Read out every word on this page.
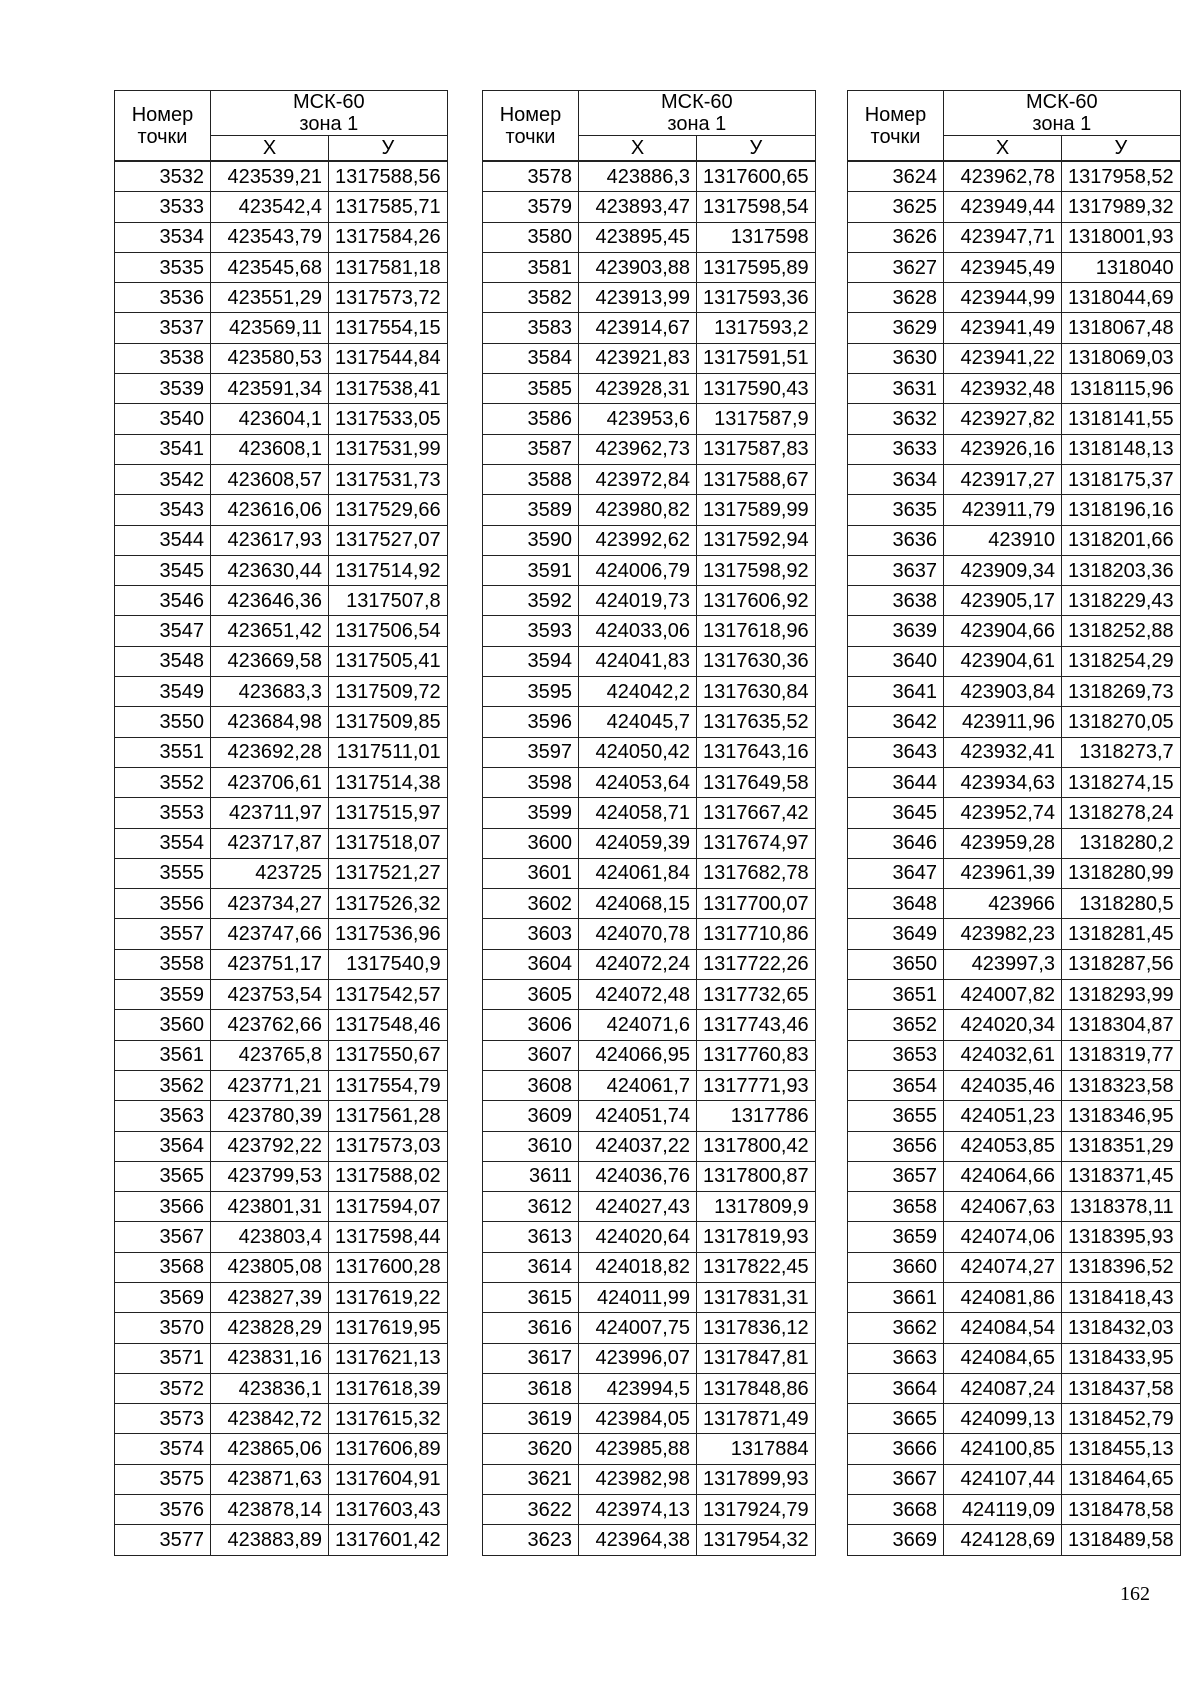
Номер точки	МСК-60
зона 1	
	Х	У
3532	423539,21	1317588,56
3533	423542,4	1317585,71
3534	423543,79	1317584,26
3535	423545,68	1317581,18
3536	423551,29	1317573,72
3537	423569,11	1317554,15
3538	423580,53	1317544,84
3539	423591,34	1317538,41
3540	423604,1	1317533,05
3541	423608,1	1317531,99
3542	423608,57	1317531,73
3543	423616,06	1317529,66
3544	423617,93	1317527,07
3545	423630,44	1317514,92
3546	423646,36	1317507,8
3547	423651,42	1317506,54
3548	423669,58	1317505,41
3549	423683,3	1317509,72
3550	423684,98	1317509,85
3551	423692,28	1317511,01
3552	423706,61	1317514,38
3553	423711,97	1317515,97
3554	423717,87	1317518,07
3555	423725	1317521,27
3556	423734,27	1317526,32
3557	423747,66	1317536,96
3558	423751,17	1317540,9
3559	423753,54	1317542,57
3560	423762,66	1317548,46
3561	423765,8	1317550,67
3562	423771,21	1317554,79
3563	423780,39	1317561,28
3564	423792,22	1317573,03
3565	423799,53	1317588,02
3566	423801,31	1317594,07
3567	423803,4	1317598,44
3568	423805,08	1317600,28
3569	423827,39	1317619,22
3570	423828,29	1317619,95
3571	423831,16	1317621,13
3572	423836,1	1317618,39
3573	423842,72	1317615,32
3574	423865,06	1317606,89
3575	423871,63	1317604,91
3576	423878,14	1317603,43
3577	423883,89	1317601,42
Номер точки	МСК-60
зона 1	
	Х	У
3578	423886,3	1317600,65
3579	423893,47	1317598,54
3580	423895,45	1317598
3581	423903,88	1317595,89
3582	423913,99	1317593,36
3583	423914,67	1317593,2
3584	423921,83	1317591,51
3585	423928,31	1317590,43
3586	423953,6	1317587,9
3587	423962,73	1317587,83
3588	423972,84	1317588,67
3589	423980,82	1317589,99
3590	423992,62	1317592,94
3591	424006,79	1317598,92
3592	424019,73	1317606,92
3593	424033,06	1317618,96
3594	424041,83	1317630,36
3595	424042,2	1317630,84
3596	424045,7	1317635,52
3597	424050,42	1317643,16
3598	424053,64	1317649,58
3599	424058,71	1317667,42
3600	424059,39	1317674,97
3601	424061,84	1317682,78
3602	424068,15	1317700,07
3603	424070,78	1317710,86
3604	424072,24	1317722,26
3605	424072,48	1317732,65
3606	424071,6	1317743,46
3607	424066,95	1317760,83
3608	424061,7	1317771,93
3609	424051,74	1317786
3610	424037,22	1317800,42
3611	424036,76	1317800,87
3612	424027,43	1317809,9
3613	424020,64	1317819,93
3614	424018,82	1317822,45
3615	424011,99	1317831,31
3616	424007,75	1317836,12
3617	423996,07	1317847,81
3618	423994,5	1317848,86
3619	423984,05	1317871,49
3620	423985,88	1317884
3621	423982,98	1317899,93
3622	423974,13	1317924,79
3623	423964,38	1317954,32
Номер точки	МСК-60
зона 1	
	Х	У
3624	423962,78	1317958,52
3625	423949,44	1317989,32
3626	423947,71	1318001,93
3627	423945,49	1318040
3628	423944,99	1318044,69
3629	423941,49	1318067,48
3630	423941,22	1318069,03
3631	423932,48	1318115,96
3632	423927,82	1318141,55
3633	423926,16	1318148,13
3634	423917,27	1318175,37
3635	423911,79	1318196,16
3636	423910	1318201,66
3637	423909,34	1318203,36
3638	423905,17	1318229,43
3639	423904,66	1318252,88
3640	423904,61	1318254,29
3641	423903,84	1318269,73
3642	423911,96	1318270,05
3643	423932,41	1318273,7
3644	423934,63	1318274,15
3645	423952,74	1318278,24
3646	423959,28	1318280,2
3647	423961,39	1318280,99
3648	423966	1318280,5
3649	423982,23	1318281,45
3650	423997,3	1318287,56
3651	424007,82	1318293,99
3652	424020,34	1318304,87
3653	424032,61	1318319,77
3654	424035,46	1318323,58
3655	424051,23	1318346,95
3656	424053,85	1318351,29
3657	424064,66	1318371,45
3658	424067,63	1318378,11
3659	424074,06	1318395,93
3660	424074,27	1318396,52
3661	424081,86	1318418,43
3662	424084,54	1318432,03
3663	424084,65	1318433,95
3664	424087,24	1318437,58
3665	424099,13	1318452,79
3666	424100,85	1318455,13
3667	424107,44	1318464,65
3668	424119,09	1318478,58
3669	424128,69	1318489,58
162
